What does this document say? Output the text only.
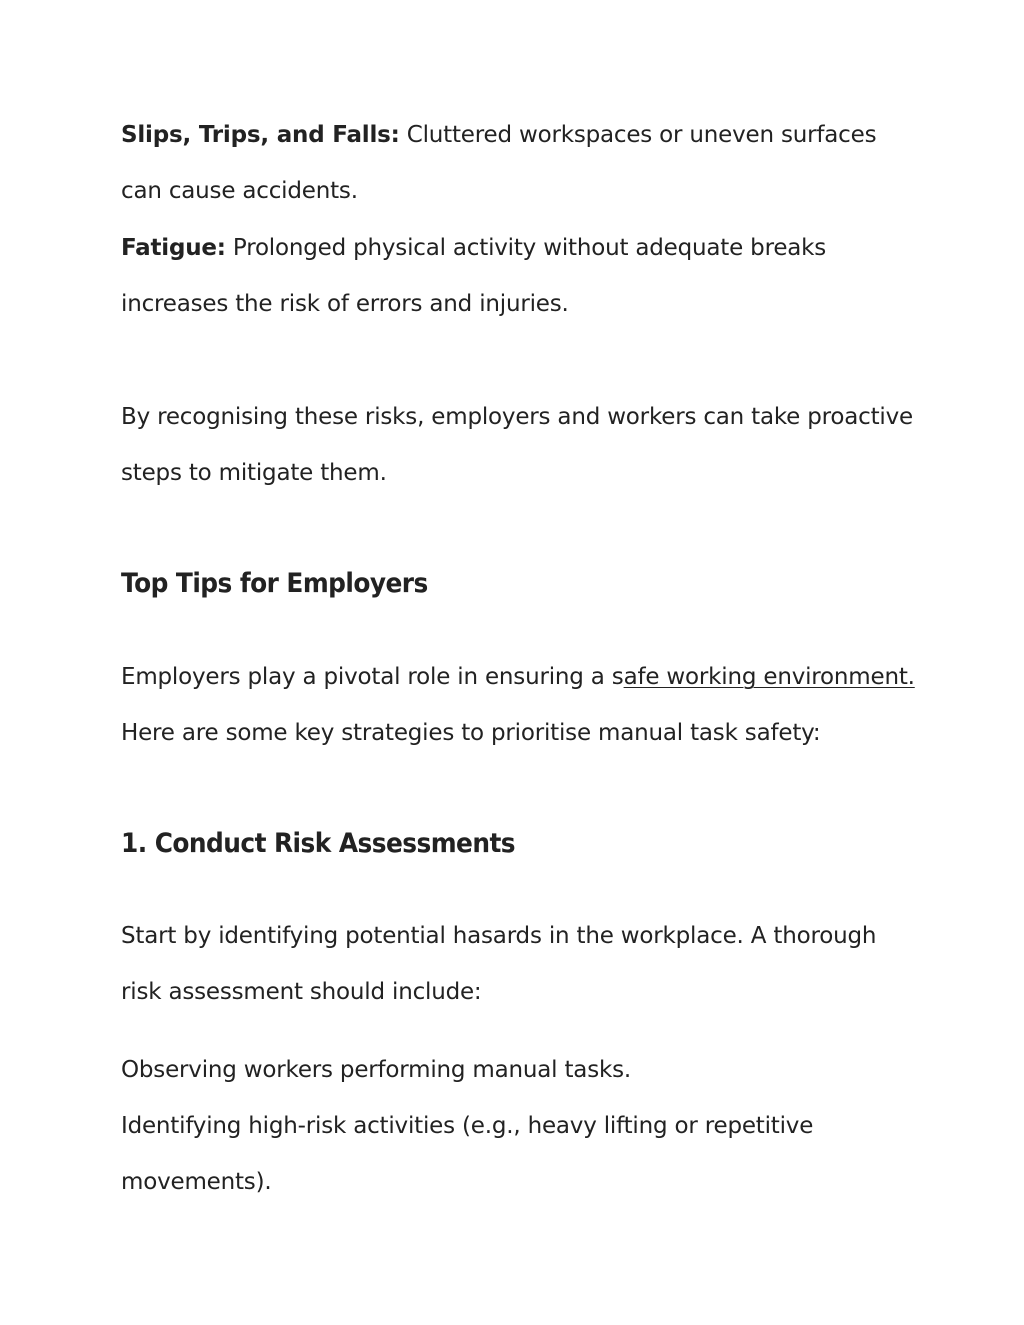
Slips, Trips, and Falls: Cluttered workspaces or uneven surfaces
can cause accidents.
Fatigue: Prolonged physical activity without adequate breaks
increases the risk of errors and injuries.
By recognising these risks, employers and workers can take proactive
steps to mitigate them.
Top Tips for Employers
Employers play a pivotal role in ensuring a safe working environment.
Here are some key strategies to prioritise manual task safety:
1. Conduct Risk Assessments
Start by identifying potential hasards in the workplace. A thorough
risk assessment should include:
Observing workers performing manual tasks.
Identifying high-risk activities (e.g., heavy lifting or repetitive
movements).
